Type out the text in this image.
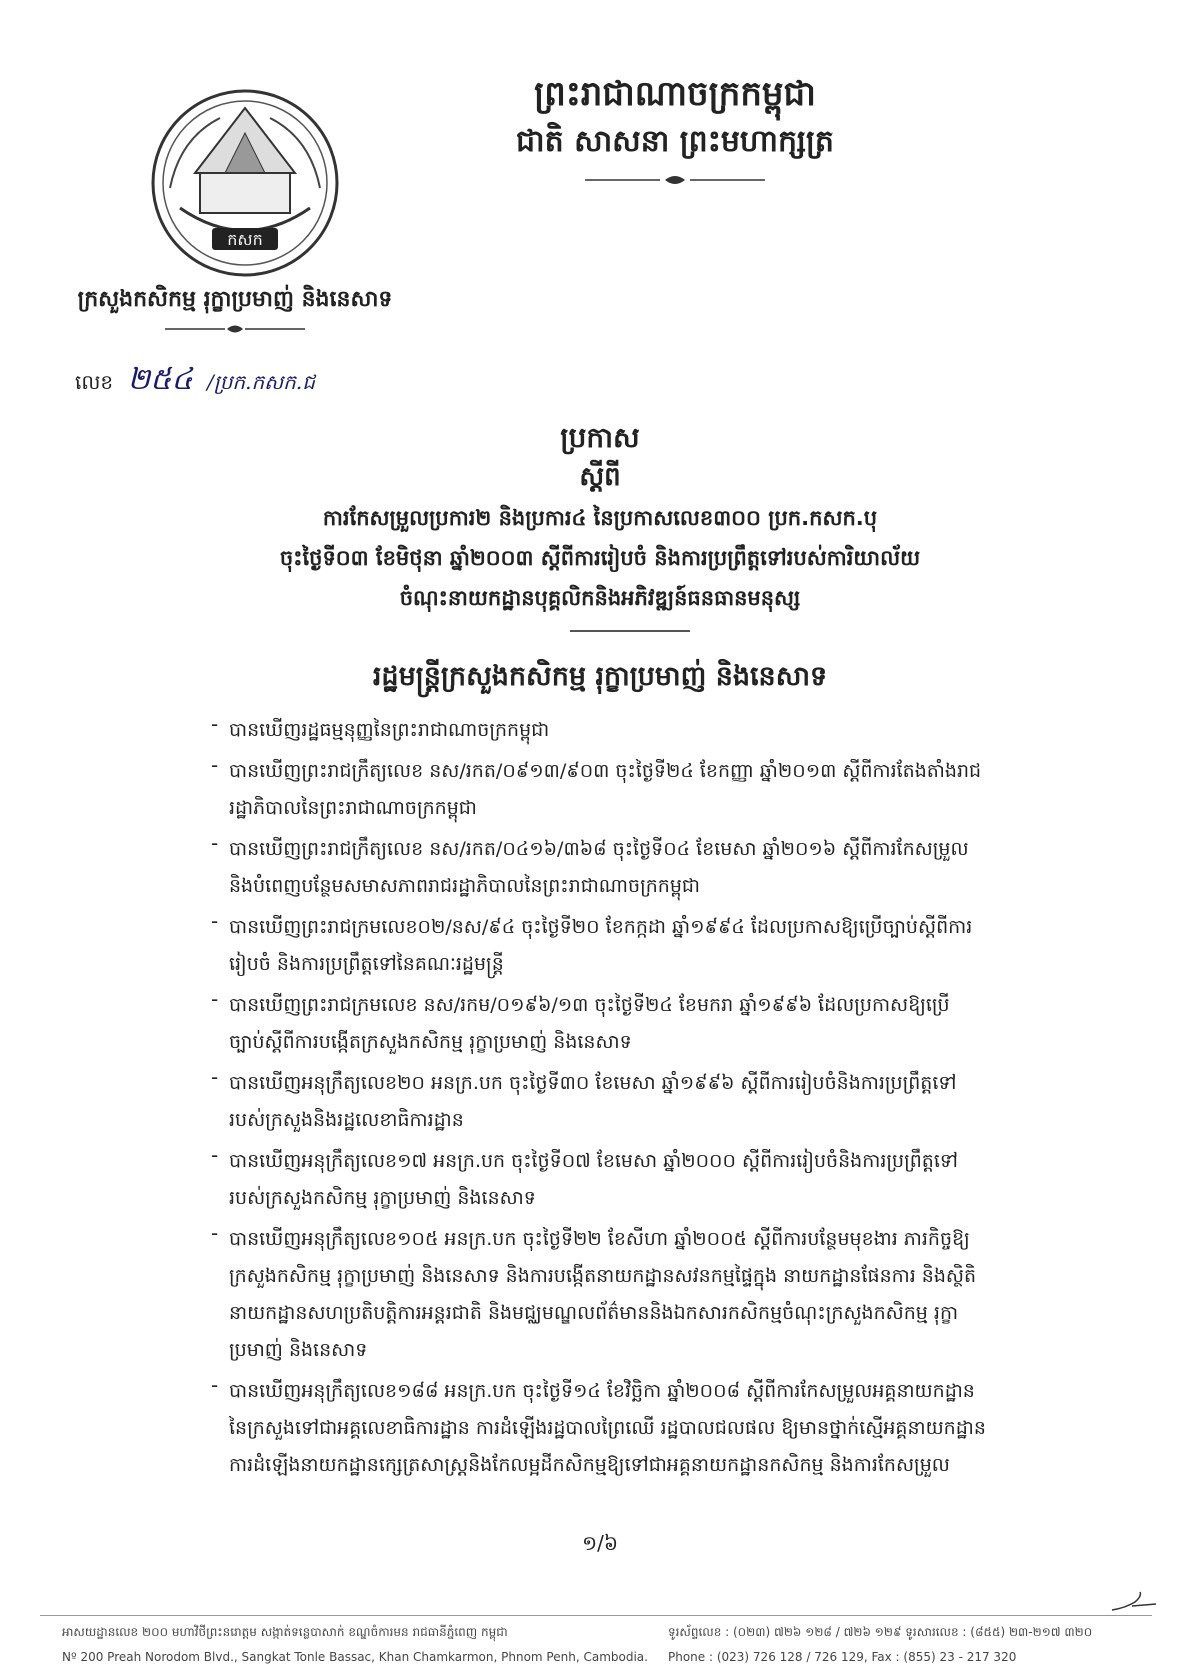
កសក
ព្រះរាជាណាចក្រកម្ពុជា
ជាតិ សាសនា ព្រះមហាក្សត្រ
ក្រសួងកសិកម្ម រុក្ខាប្រមាញ់ និងនេសាទ
លេខ ២៥៤ /ប្រក.កសក.ជ
ប្រកាស
ស្តីពី
ការកែសម្រួលប្រការ២ និងប្រការ៤ នៃប្រកាសលេខ៣០០ ប្រក.កសក.បុ
ចុះថ្ងៃទី០៣ ខែមិថុនា ឆ្នាំ២០០៣ ស្តីពីការរៀបចំ និងការប្រព្រឹត្តទៅរបស់ការិយាល័យ
ចំណុះនាយកដ្ឋានបុគ្គលិកនិងអភិវឌ្ឍន៍ធនធានមនុស្ស
រដ្ឋមន្ត្រីក្រសួងកសិកម្ម រុក្ខាប្រមាញ់ និងនេសាទ
- បានឃើញរដ្ឋធម្មនុញ្ញនៃព្រះរាជាណាចក្រកម្ពុជា
- បានឃើញព្រះរាជក្រឹត្យលេខ នស/រកត/០៩១៣/៩០៣ ចុះថ្ងៃទី២៤ ខែកញ្ញា ឆ្នាំ២០១៣ ស្តីពីការតែងតាំងរាជ
រដ្ឋាភិបាលនៃព្រះរាជាណាចក្រកម្ពុជា
- បានឃើញព្រះរាជក្រឹត្យលេខ នស/រកត/០៤១៦/៣៦៨ ចុះថ្ងៃទី០៤ ខែមេសា ឆ្នាំ២០១៦ ស្តីពីការកែសម្រួល
និងបំពេញបន្ថែមសមាសភាពរាជរដ្ឋាភិបាលនៃព្រះរាជាណាចក្រកម្ពុជា
- បានឃើញព្រះរាជក្រមលេខ០២/នស/៩៤ ចុះថ្ងៃទី២០ ខែកក្កដា ឆ្នាំ១៩៩៤ ដែលប្រកាសឱ្យប្រើច្បាប់ស្តីពីការ
រៀបចំ និងការប្រព្រឹត្តទៅនៃគណៈរដ្ឋមន្ត្រី
- បានឃើញព្រះរាជក្រមលេខ នស/រកម/០១៩៦/១៣ ចុះថ្ងៃទី២៤ ខែមករា ឆ្នាំ១៩៩៦ ដែលប្រកាសឱ្យប្រើ
ច្បាប់ស្តីពីការបង្កើតក្រសួងកសិកម្ម រុក្ខាប្រមាញ់ និងនេសាទ
- បានឃើញអនុក្រឹត្យលេខ២០ អនក្រ.បក ចុះថ្ងៃទី៣០ ខែមេសា ឆ្នាំ១៩៩៦ ស្តីពីការរៀបចំនិងការប្រព្រឹត្តទៅ
របស់ក្រសួងនិងរដ្ឋលេខាធិការដ្ឋាន
- បានឃើញអនុក្រឹត្យលេខ១៧ អនក្រ.បក ចុះថ្ងៃទី០៧ ខែមេសា ឆ្នាំ២០០០ ស្តីពីការរៀបចំនិងការប្រព្រឹត្តទៅ
របស់ក្រសួងកសិកម្ម រុក្ខាប្រមាញ់ និងនេសាទ
- បានឃើញអនុក្រឹត្យលេខ១០៥ អនក្រ.បក ចុះថ្ងៃទី២២ ខែសីហា ឆ្នាំ២០០៥ ស្តីពីការបន្ថែមមុខងារ ភារកិច្ចឱ្យ
ក្រសួងកសិកម្ម រុក្ខាប្រមាញ់ និងនេសាទ និងការបង្កើតនាយកដ្ឋានសវនកម្មផ្ទៃក្នុង នាយកដ្ឋានផែនការ និងស្ថិតិ
នាយកដ្ឋានសហប្រតិបត្តិការអន្តរជាតិ និងមជ្ឈមណ្ឌលព័ត៌មាននិងឯកសារកសិកម្មចំណុះក្រសួងកសិកម្ម រុក្ខា
ប្រមាញ់ និងនេសាទ
- បានឃើញអនុក្រឹត្យលេខ១៨៨ អនក្រ.បក ចុះថ្ងៃទី១៤ ខែវិច្ឆិកា ឆ្នាំ២០០៨ ស្តីពីការកែសម្រួលអគ្គនាយកដ្ឋាន
នៃក្រសួងទៅជាអគ្គលេខាធិការដ្ឋាន ការដំឡើងរដ្ឋបាលព្រៃឈើ រដ្ឋបាលជលផល ឱ្យមានថ្នាក់ស្មើអគ្គនាយកដ្ឋាន
ការដំឡើងនាយកដ្ឋានក្សេត្រសាស្ត្រនិងកែលម្អដីកសិកម្មឱ្យទៅជាអគ្គនាយកដ្ឋានកសិកម្ម និងការកែសម្រួល
១/៦
អាសយដ្ឋានលេខ ២០០ មហាវិថីព្រះនរោត្តម សង្កាត់ទន្លេបាសាក់ ខណ្ឌចំការមន រាជធានីភ្នំពេញ កម្ពុជា
Nº 200 Preah Norodom Blvd., Sangkat Tonle Bassac, Khan Chamkarmon, Phnom Penh, Cambodia.
ទូរស័ព្ទលេខ : (០២៣) ៧២៦ ១២៨ / ៧២៦ ១២៩ ទូរសារលេខ : (៨៥៥) ២៣-២១៧ ៣២០
Phone : (023) 726 128 / 726 129, Fax : (855) 23 - 217 320
